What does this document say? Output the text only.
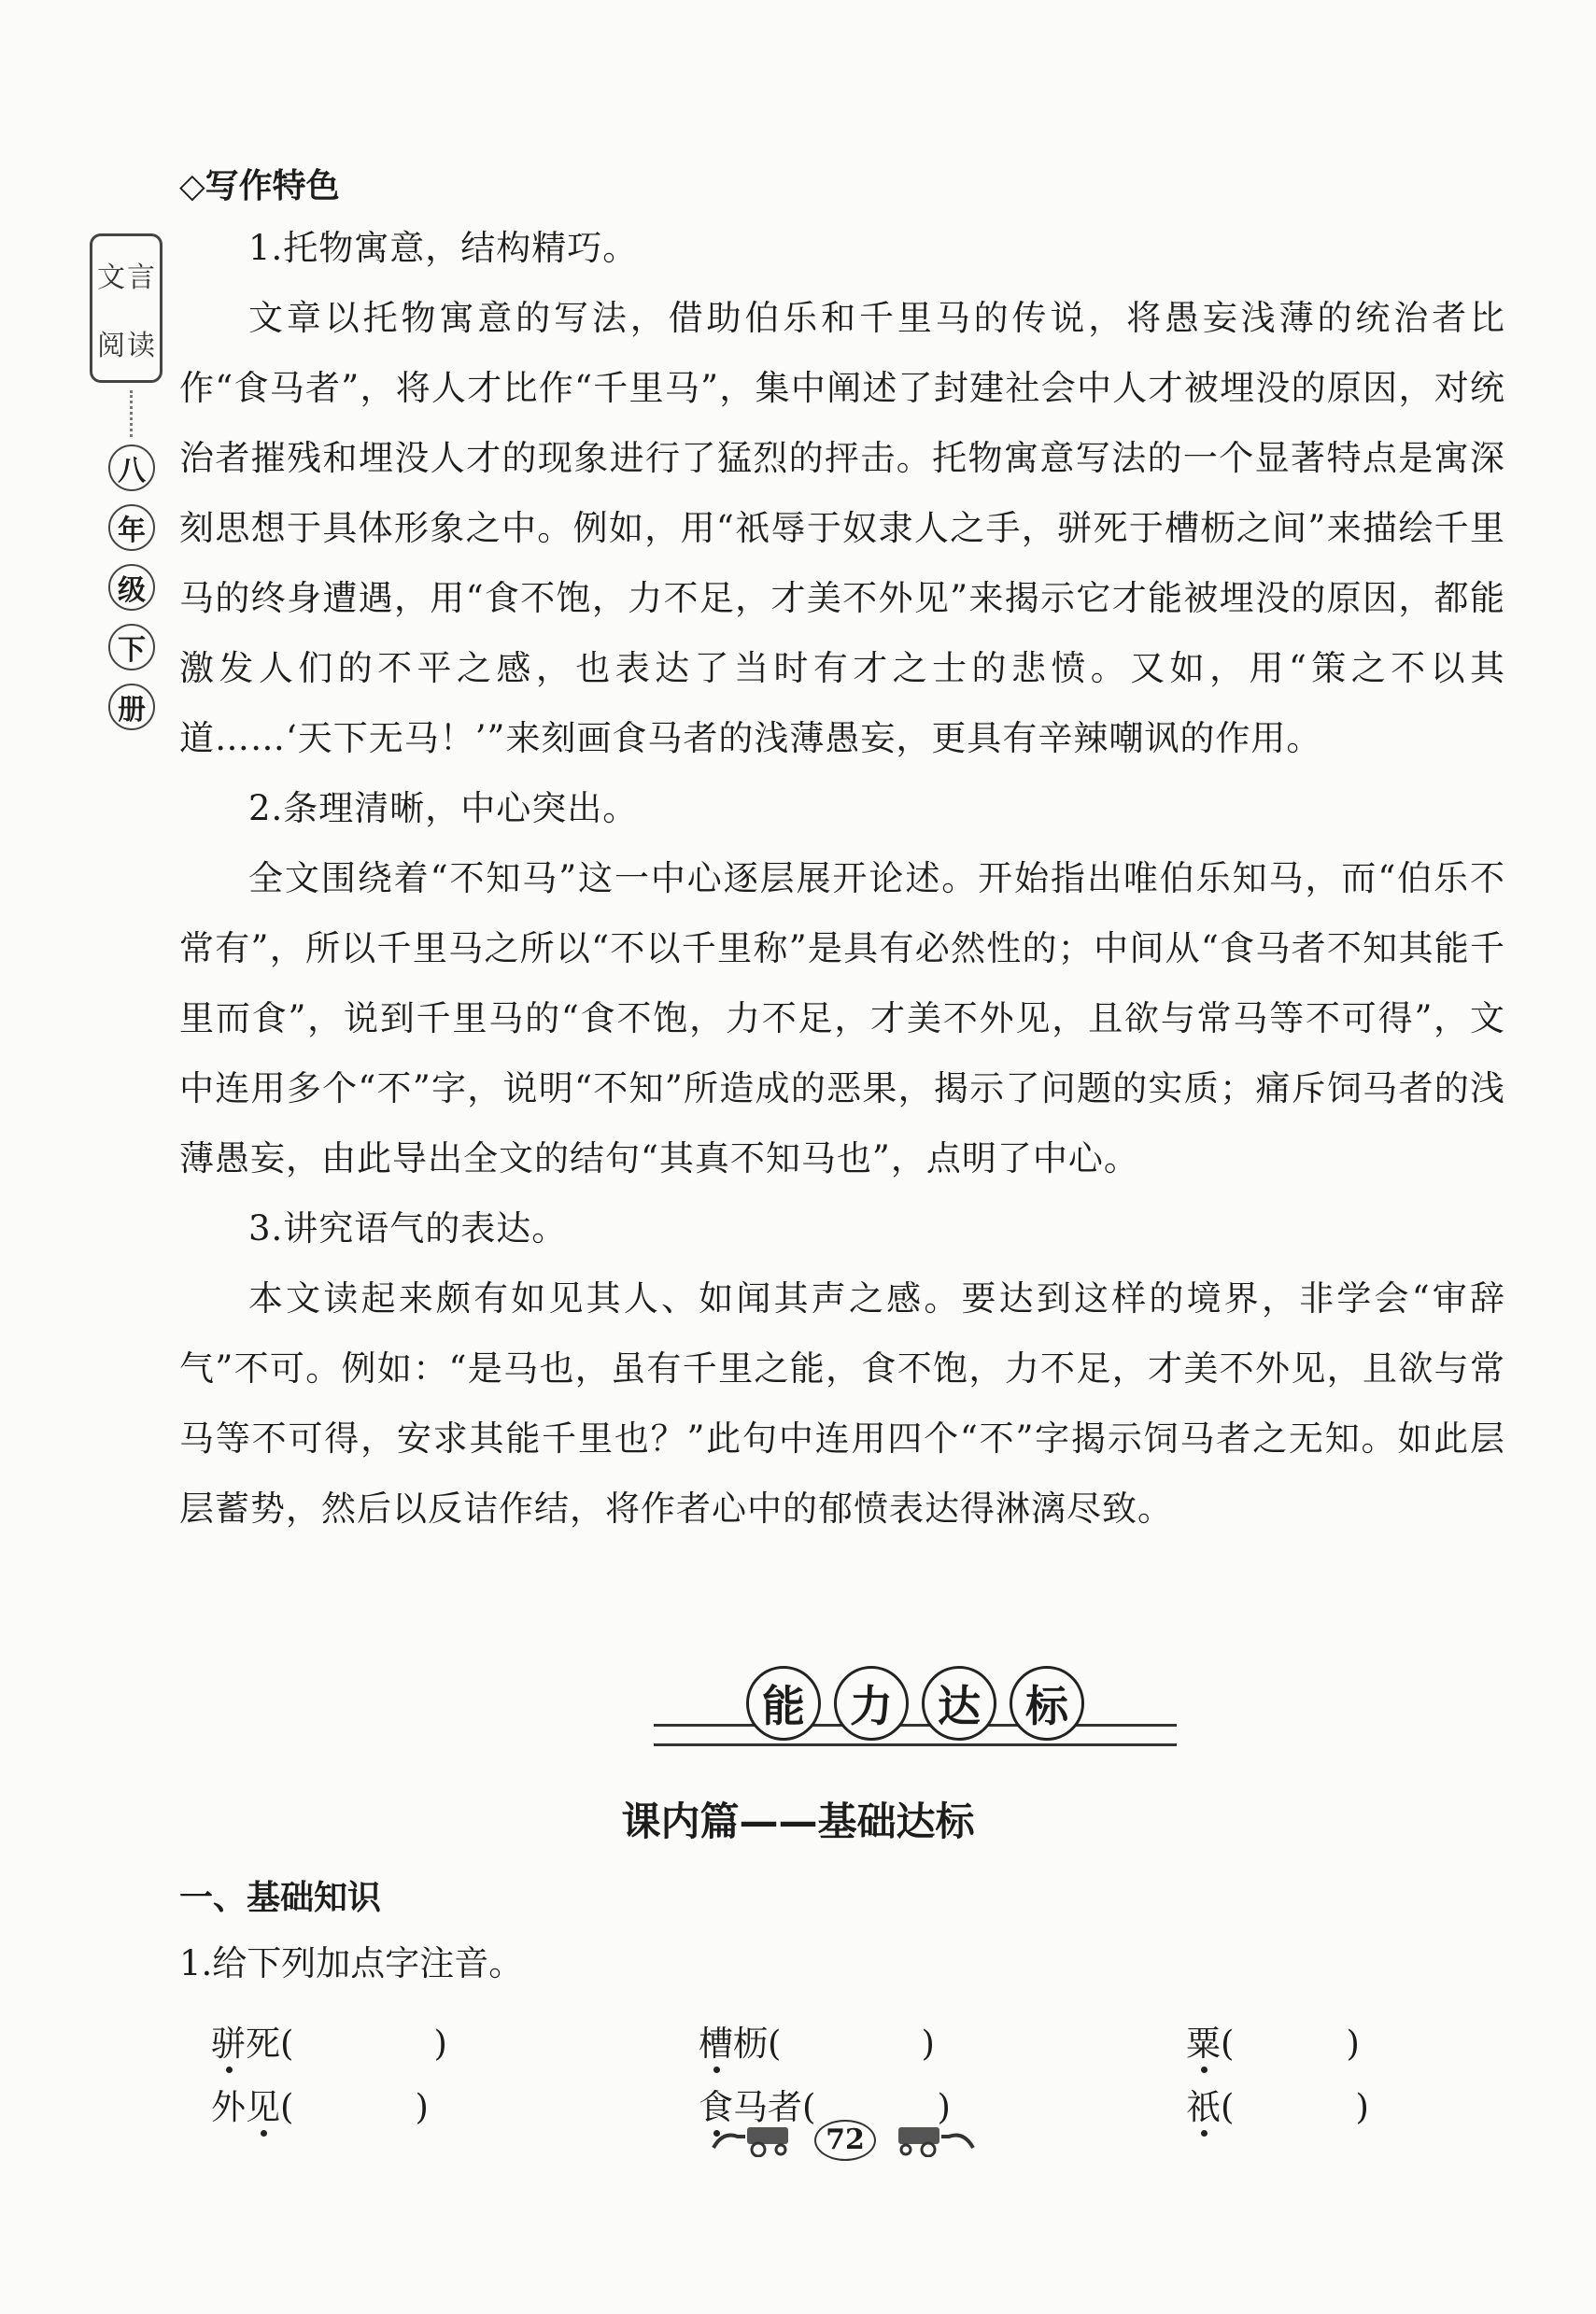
文 言
阅 读
八
年
级
下
册
◇写作特色
1.托物寓意，结构精巧。
文章以托物寓意的写法，借助伯乐和千里马的传说，将愚妄浅薄的统治者比作“食马者”，将人才比作“千里马”，集中阐述了封建社会中人才被埋没的原因，对统治者摧残和埋没人才的现象进行了猛烈的抨击。托物寓意写法的一个显著特点是寓深刻思想于具体形象之中。例如，用“祇辱于奴隶人之手，骈死于槽枥之间”来描绘千里马的终身遭遇，用“食不饱，力不足，才美不外见”来揭示它才能被埋没的原因，都能激发人们的不平之感，也表达了当时有才之士的悲愤。又如，用“策之不以其道……‘天下无马！’”来刻画食马者的浅薄愚妄，更具有辛辣嘲讽的作用。
2.条理清晰，中心突出。
全文围绕着“不知马”这一中心逐层展开论述。开始指出唯伯乐知马，而“伯乐不常有”，所以千里马之所以“不以千里称”是具有必然性的；中间从“食马者不知其能千里而食”，说到千里马的“食不饱，力不足，才美不外见，且欲与常马等不可得”，文中连用多个“不”字，说明“不知”所造成的恶果，揭示了问题的实质；痛斥饲马者的浅薄愚妄，由此导出全文的结句“其真不知马也”，点明了中心。
3.讲究语气的表达。
本文读起来颇有如见其人、如闻其声之感。要达到这样的境界，非学会“审辞气”不可。例如：“是马也，虽有千里之能，食不饱，力不足，才美不外见，且欲与常马等不可得，安求其能千里也？”此句中连用四个“不”字揭示饲马者之无知。如此层层蓄势，然后以反诘作结，将作者心中的郁愤表达得淋漓尽致。
能	力	达	标
课内篇——基础达标
一、基础知识
1.给下列加点字注音。
骈死(	)	槽枥(	)	粟(	)
外见(	)	食马者(	)	祇(	)
72
